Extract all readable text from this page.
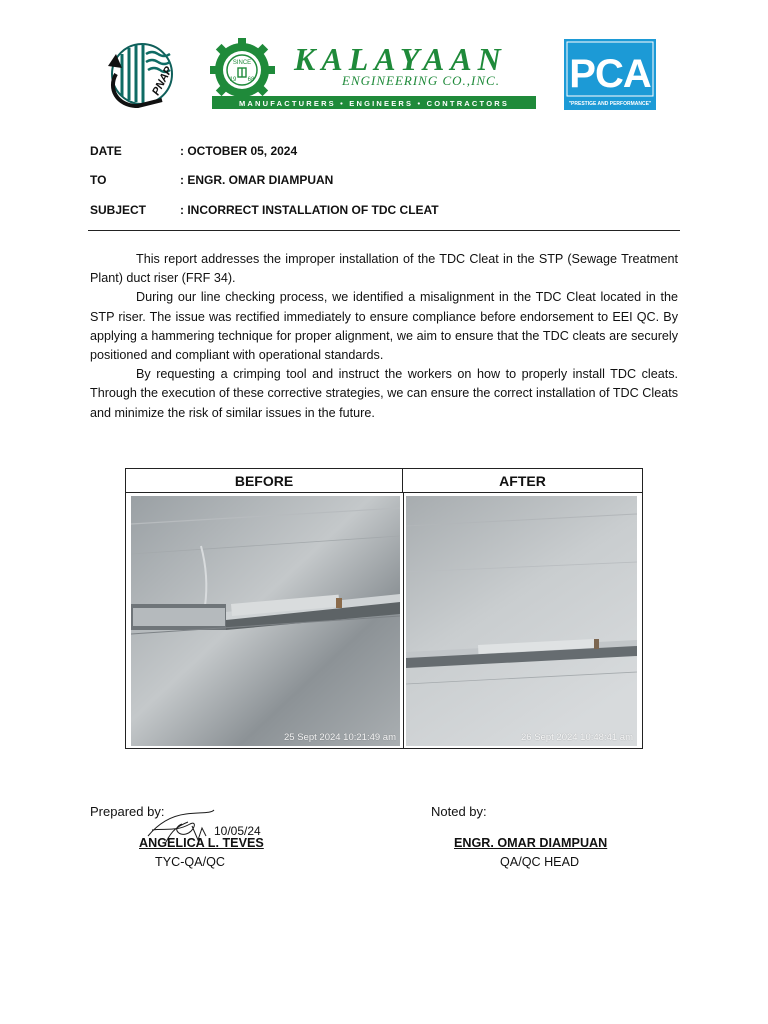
PNAP
SINCE
19 68
KALAYAAN
ENGINEERING CO.,INC.
MANUFACTURERS • ENGINEERS • CONTRACTORS
PCA
"PRESTIGE AND PERFORMANCE"
DATE	: OCTOBER 05, 2024
TO	: ENGR. OMAR DIAMPUAN
SUBJECT	: INCORRECT INSTALLATION OF TDC CLEAT

This report addresses the improper installation of the TDC Cleat in the STP (Sewage Treatment Plant) duct riser (FRF 34).

During our line checking process, we identified a misalignment in the TDC Cleat located in the STP riser. The issue was rectified immediately to ensure compliance before endorsement to EEI QC. By applying a hammering technique for proper alignment, we aim to ensure that the TDC cleats are securely positioned and compliant with operational standards.

By requesting a crimping tool and instruct the workers on how to properly install TDC cleats. Through the execution of these corrective strategies, we can ensure the correct installation of TDC Cleats and minimize the risk of similar issues in the future.

BEFORE	AFTER
25 Sept 2024 10:21:49 am	26 Sept 2024 10:48:41 am
Prepared by:	Noted by:
10/05/24
ANGELICA L. TEVES	ENGR. OMAR DIAMPUAN
TYC-QA/QC	QA/QC HEAD
